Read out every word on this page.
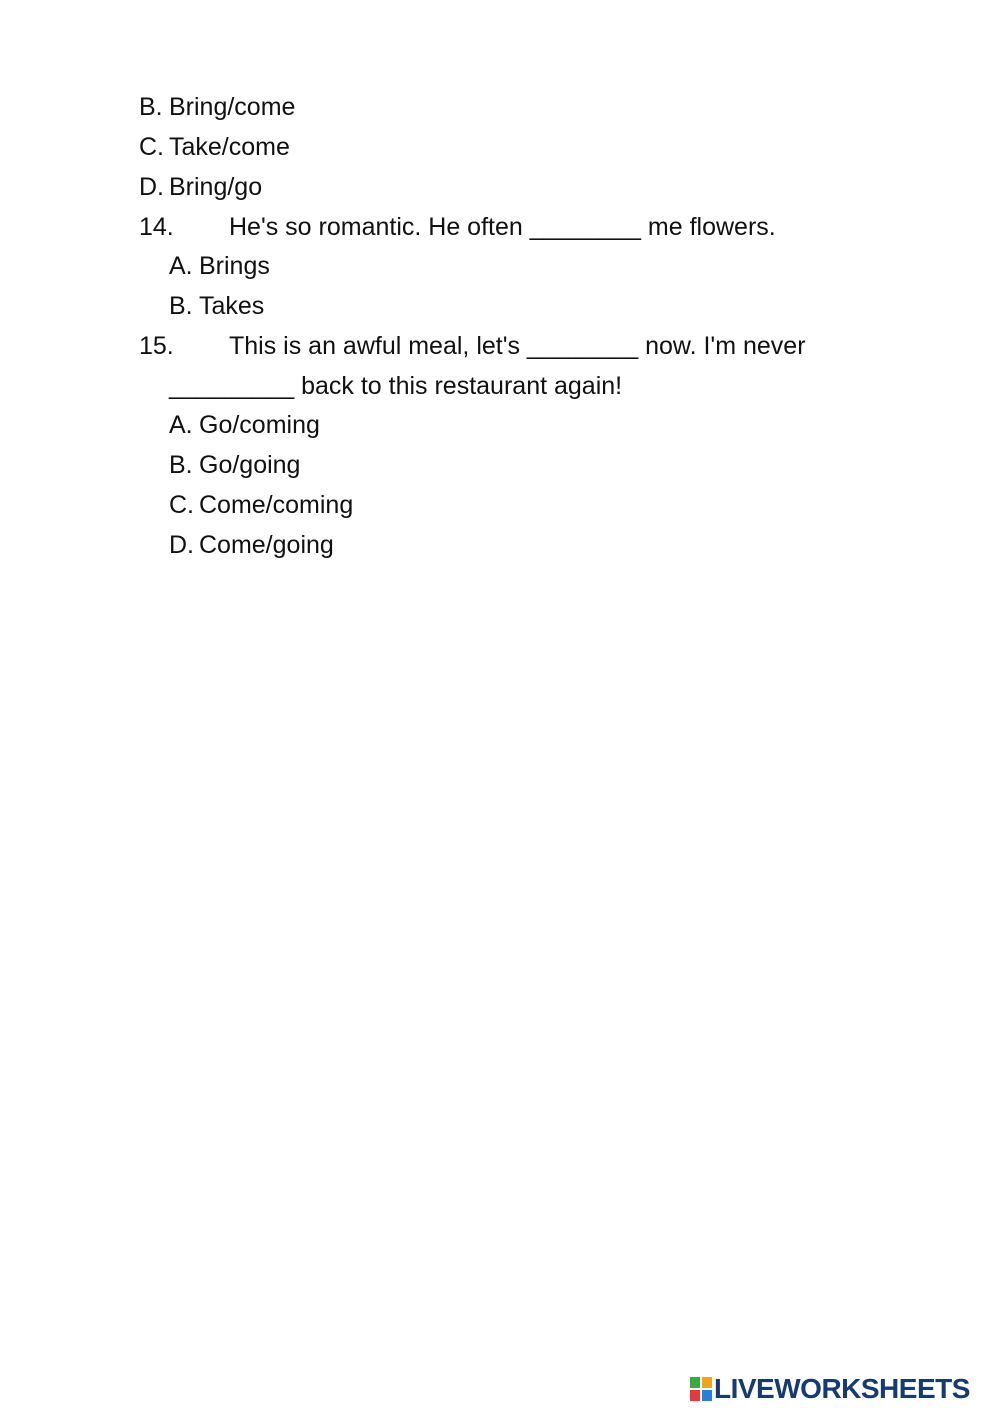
B. Bring/come
C. Take/come
D. Bring/go
14. He's so romantic. He often ________ me flowers.
A. Brings
B. Takes
15. This is an awful meal, let's ________ now. I'm never
_________ back to this restaurant again!
A. Go/coming
B. Go/going
C. Come/coming
D. Come/going
LIVEWORKSHEETS
